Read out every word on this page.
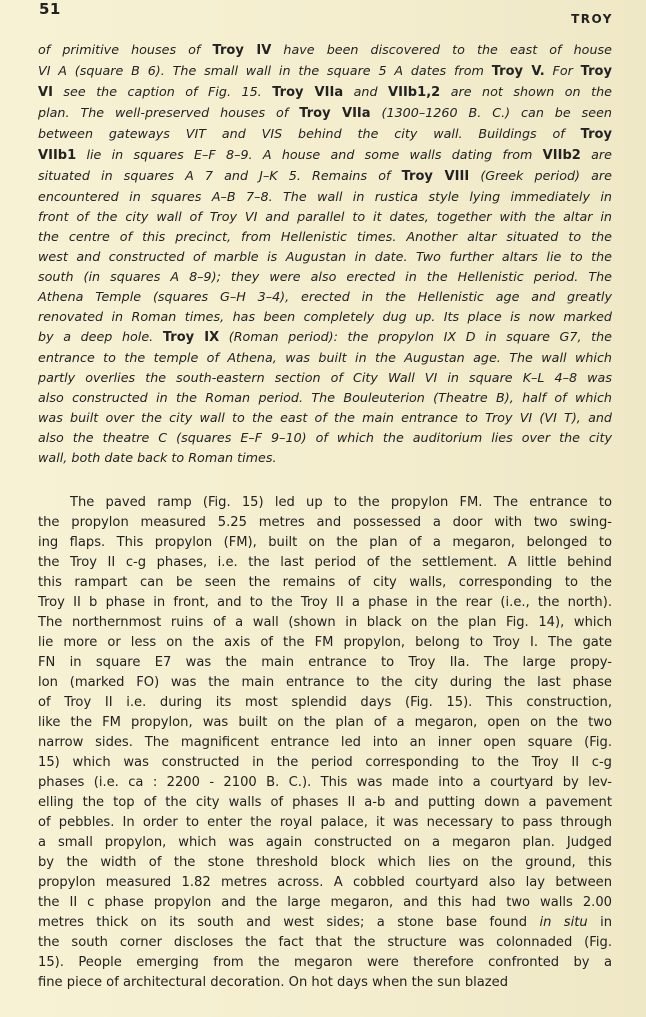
51
TROY
of primitive houses of Troy IV have been discovered to the east of house
VI A (square B 6). The small wall in the square 5 A dates from Troy V. For Troy
VI see the caption of Fig. 15. Troy VIIa and VIIb1,2 are not shown on the
plan. The well-preserved houses of Troy VIIa (1300–1260 B. C.) can be seen
between gateways VIT and VIS behind the city wall. Buildings of Troy
VIIb1 lie in squares E–F 8–9. A house and some walls dating from VIIb2 are
situated in squares A 7 and J–K 5. Remains of Troy VIII (Greek period) are
encountered in squares A–B 7–8. The wall in rustica style lying immediately in
front of the city wall of Troy VI and parallel to it dates, together with the altar in
the centre of this precinct, from Hellenistic times. Another altar situated to the
west and constructed of marble is Augustan in date. Two further altars lie to the
south (in squares A 8–9); they were also erected in the Hellenistic period. The
Athena Temple (squares G–H 3–4), erected in the Hellenistic age and greatly
renovated in Roman times, has been completely dug up. Its place is now marked
by a deep hole. Troy IX (Roman period): the propylon IX D in square G7, the
entrance to the temple of Athena, was built in the Augustan age. The wall which
partly overlies the south-eastern section of City Wall VI in square K–L 4–8 was
also constructed in the Roman period. The Bouleuterion (Theatre B), half of which
was built over the city wall to the east of the main entrance to Troy VI (VI T), and
also the theatre C (squares E–F 9–10) of which the auditorium lies over the city
wall, both date back to Roman times.
The paved ramp (Fig. 15) led up to the propylon FM. The entrance to
the propylon measured 5.25 metres and possessed a door with two swing-
ing flaps. This propylon (FM), built on the plan of a megaron, belonged to
the Troy II c-g phases, i.e. the last period of the settlement. A little behind
this rampart can be seen the remains of city walls, corresponding to the
Troy II b phase in front, and to the Troy II a phase in the rear (i.e., the north).
The northernmost ruins of a wall (shown in black on the plan Fig. 14), which
lie more or less on the axis of the FM propylon, belong to Troy I. The gate
FN in square E7 was the main entrance to Troy IIa. The large propy-
lon (marked FO) was the main entrance to the city during the last phase
of Troy II i.e. during its most splendid days (Fig. 15). This construction,
like the FM propylon, was built on the plan of a megaron, open on the two
narrow sides. The magnificent entrance led into an inner open square (Fig.
15) which was constructed in the period corresponding to the Troy II c-g
phases (i.e. ca : 2200 - 2100 B. C.). This was made into a courtyard by lev-
elling the top of the city walls of phases II a-b and putting down a pavement
of pebbles. In order to enter the royal palace, it was necessary to pass through
a small propylon, which was again constructed on a megaron plan. Judged
by the width of the stone threshold block which lies on the ground, this
propylon measured 1.82 metres across. A cobbled courtyard also lay between
the II c phase propylon and the large megaron, and this had two walls 2.00
metres thick on its south and west sides; a stone base found in situ in
the south corner discloses the fact that the structure was colonnaded (Fig.
15). People emerging from the megaron were therefore confronted by a
fine piece of architectural decoration. On hot days when the sun blazed
